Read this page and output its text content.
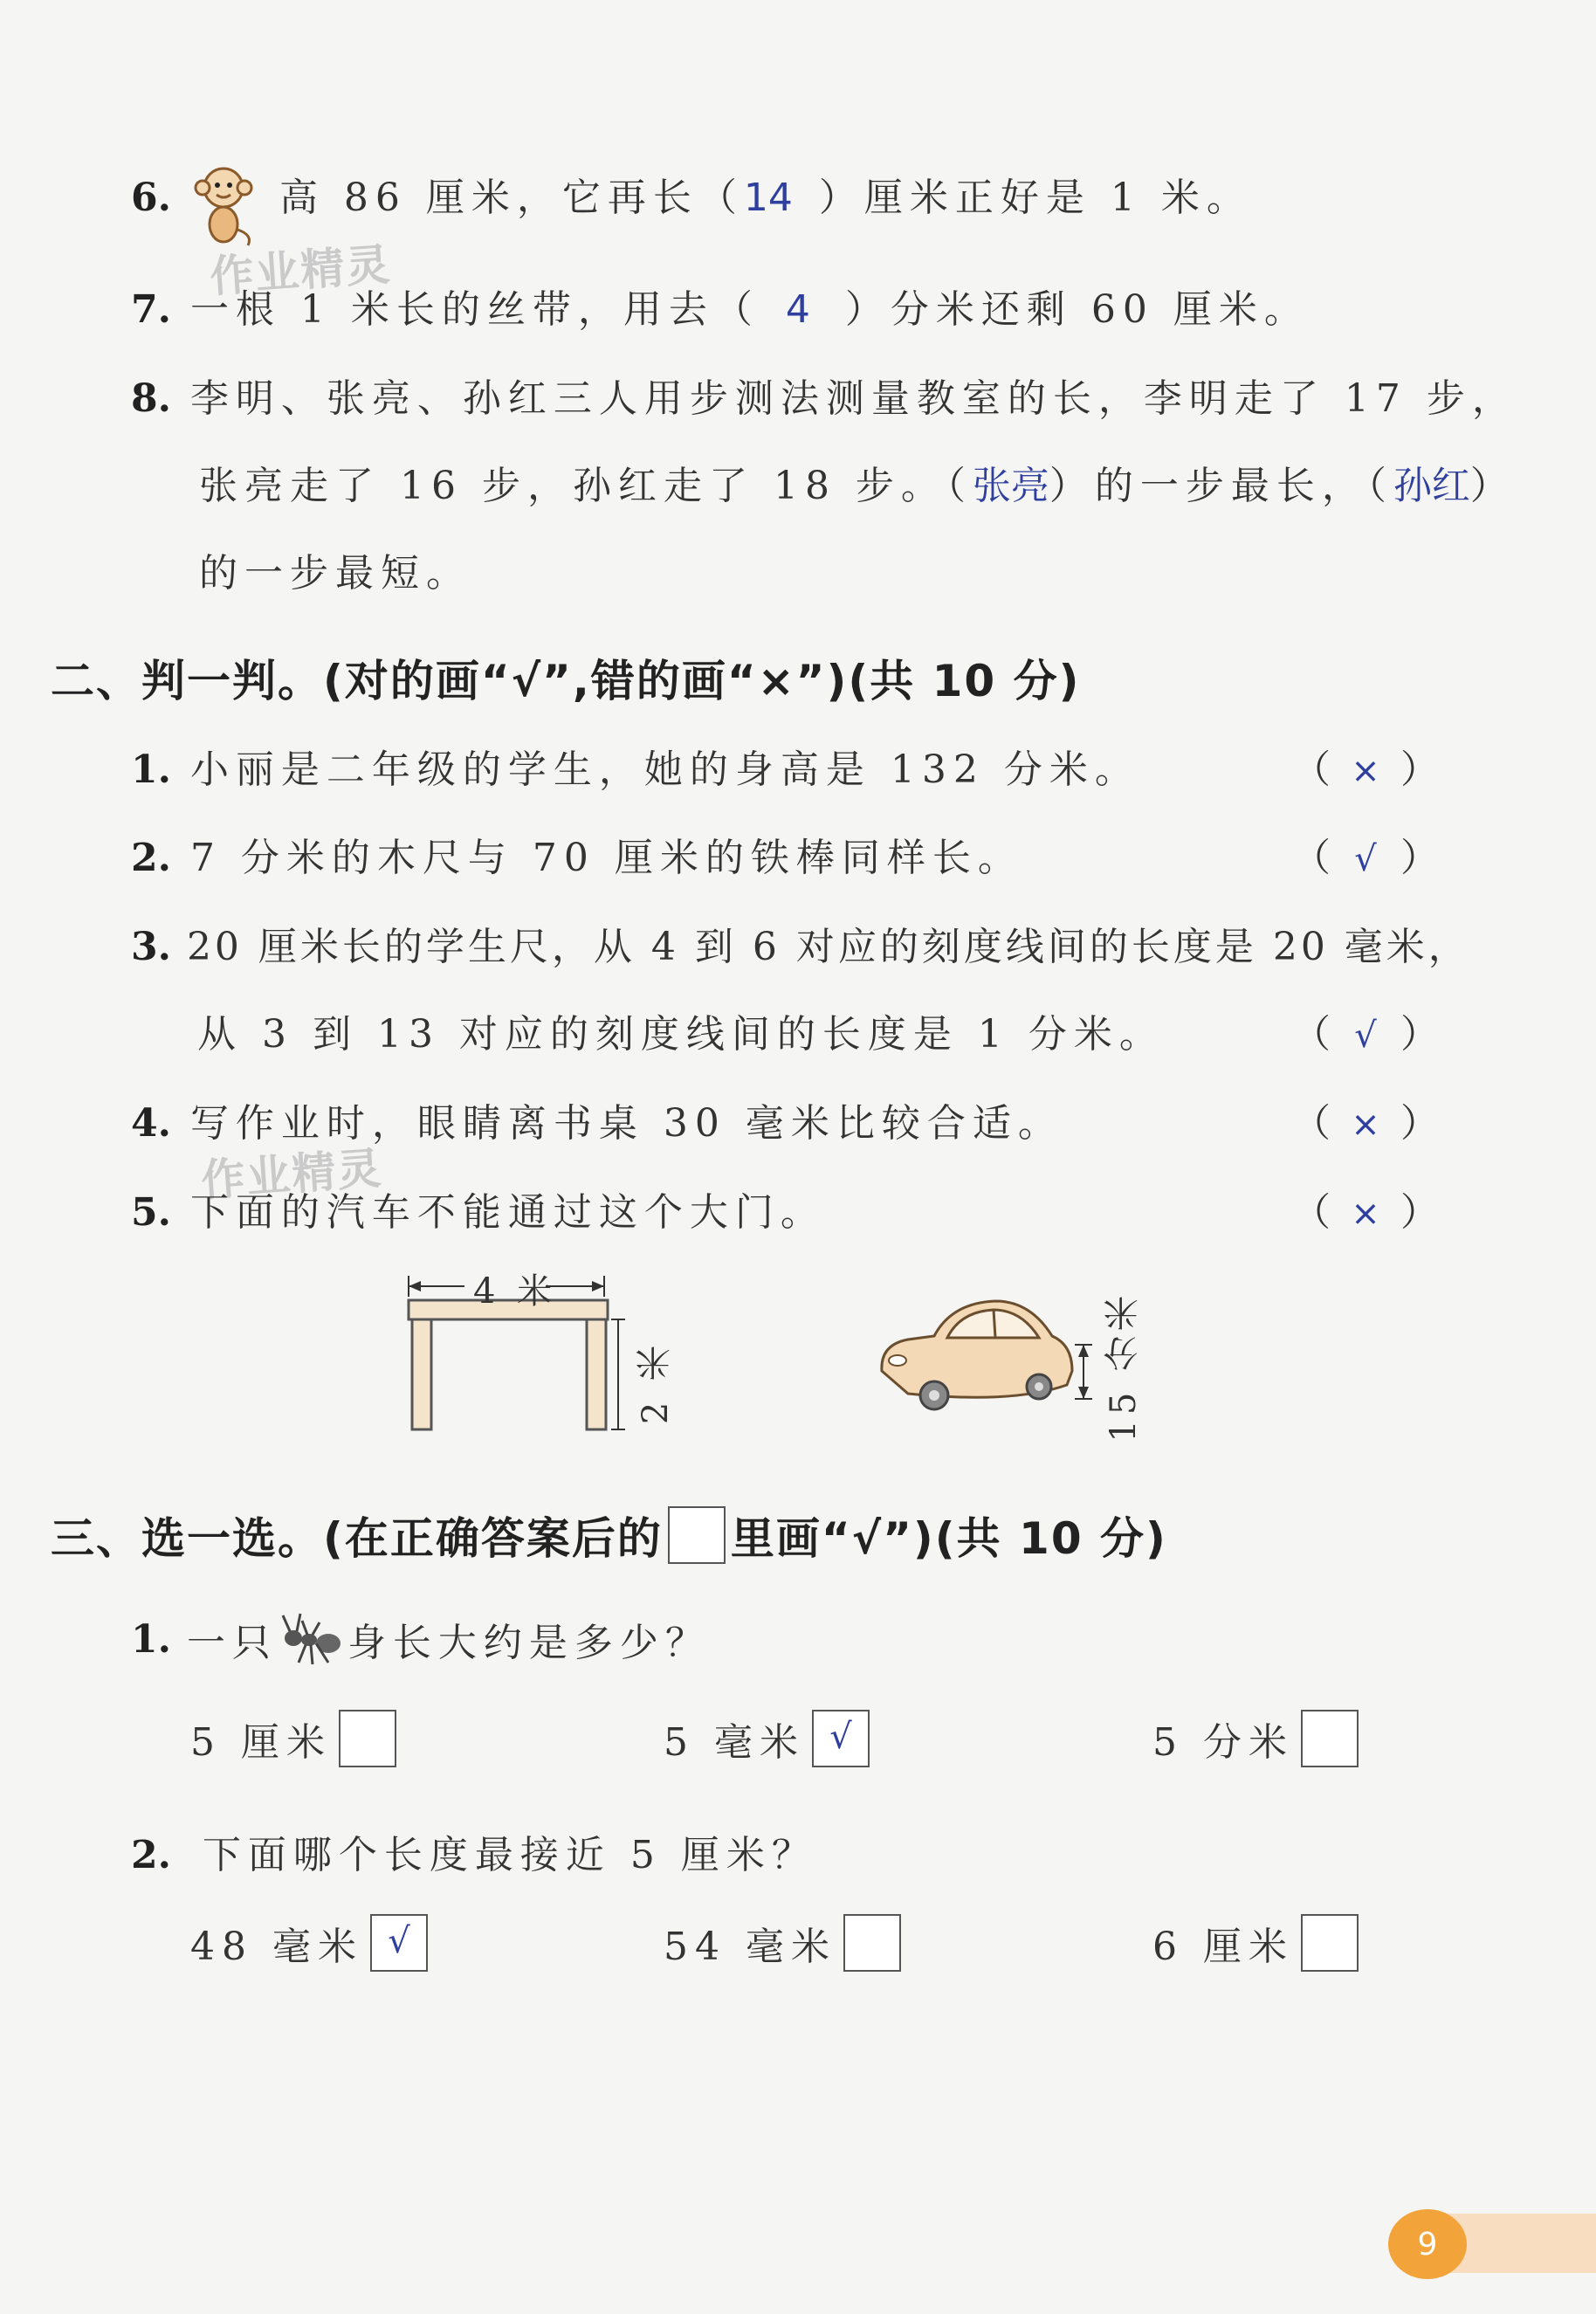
6.	高 86 厘米，它再长（14 ）厘米正好是 1 米。
作业精灵
7. 一根 1 米长的丝带，用去（ 4 ）分米还剩 60 厘米。
8. 李明、张亮、孙红三人用步测法测量教室的长，李明走了 17 步，
张亮走了 16 步，孙红走了 18 步。（张亮）的一步最长，（孙红）
的一步最短。
二、判一判。(对的画“√”,错的画“×”)(共 10 分)
1. 小丽是二年级的学生，她的身高是 132 分米。	（ × ）
2. 7 分米的木尺与 70 厘米的铁棒同样长。	（ √ ）
3. 20 厘米长的学生尺，从 4 到 6 对应的刻度线间的长度是 20 毫米，
从 3 到 13 对应的刻度线间的长度是 1 分米。	（ √ ）
4. 写作业时，眼睛离书桌 30 毫米比较合适。	（ × ）
作业精灵
5. 下面的汽车不能通过这个大门。	（ × ）
4 米
2 米	15 分米
三、选一选。(在正确答案后的 里画“√”)(共 10 分)
1. 一只 身长大约是多少？
5 厘米	5 毫米 √	5 分米
2. 下面哪个长度最接近 5 厘米？
48 毫米 √	54 毫米	6 厘米
9
